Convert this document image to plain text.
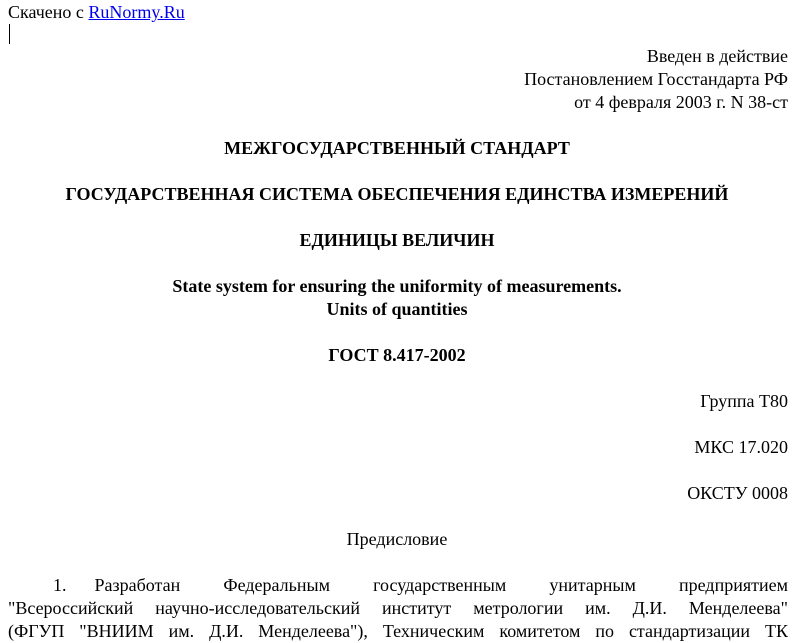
Скачено с RuNormy.Ru
Введен в действие
Постановлением Госстандарта РФ
от 4 февраля 2003 г. N 38-ст
МЕЖГОСУДАРСТВЕННЫЙ СТАНДАРТ
ГОСУДАРСТВЕННАЯ СИСТЕМА ОБЕСПЕЧЕНИЯ ЕДИНСТВА ИЗМЕРЕНИЙ
ЕДИНИЦЫ ВЕЛИЧИН
State system for ensuring the uniformity of measurements.
Units of quantities
ГОСТ 8.417-2002
Группа Т80
МКС 17.020
ОКСТУ 0008
Предисловие
1. Разработан Федеральным государственным унитарным предприятием
"Всероссийский научно-исследовательский институт метрологии им. Д.И. Менделеева"
(ФГУП "ВНИИМ им. Д.И. Менделеева"), Техническим комитетом по стандартизации ТК
